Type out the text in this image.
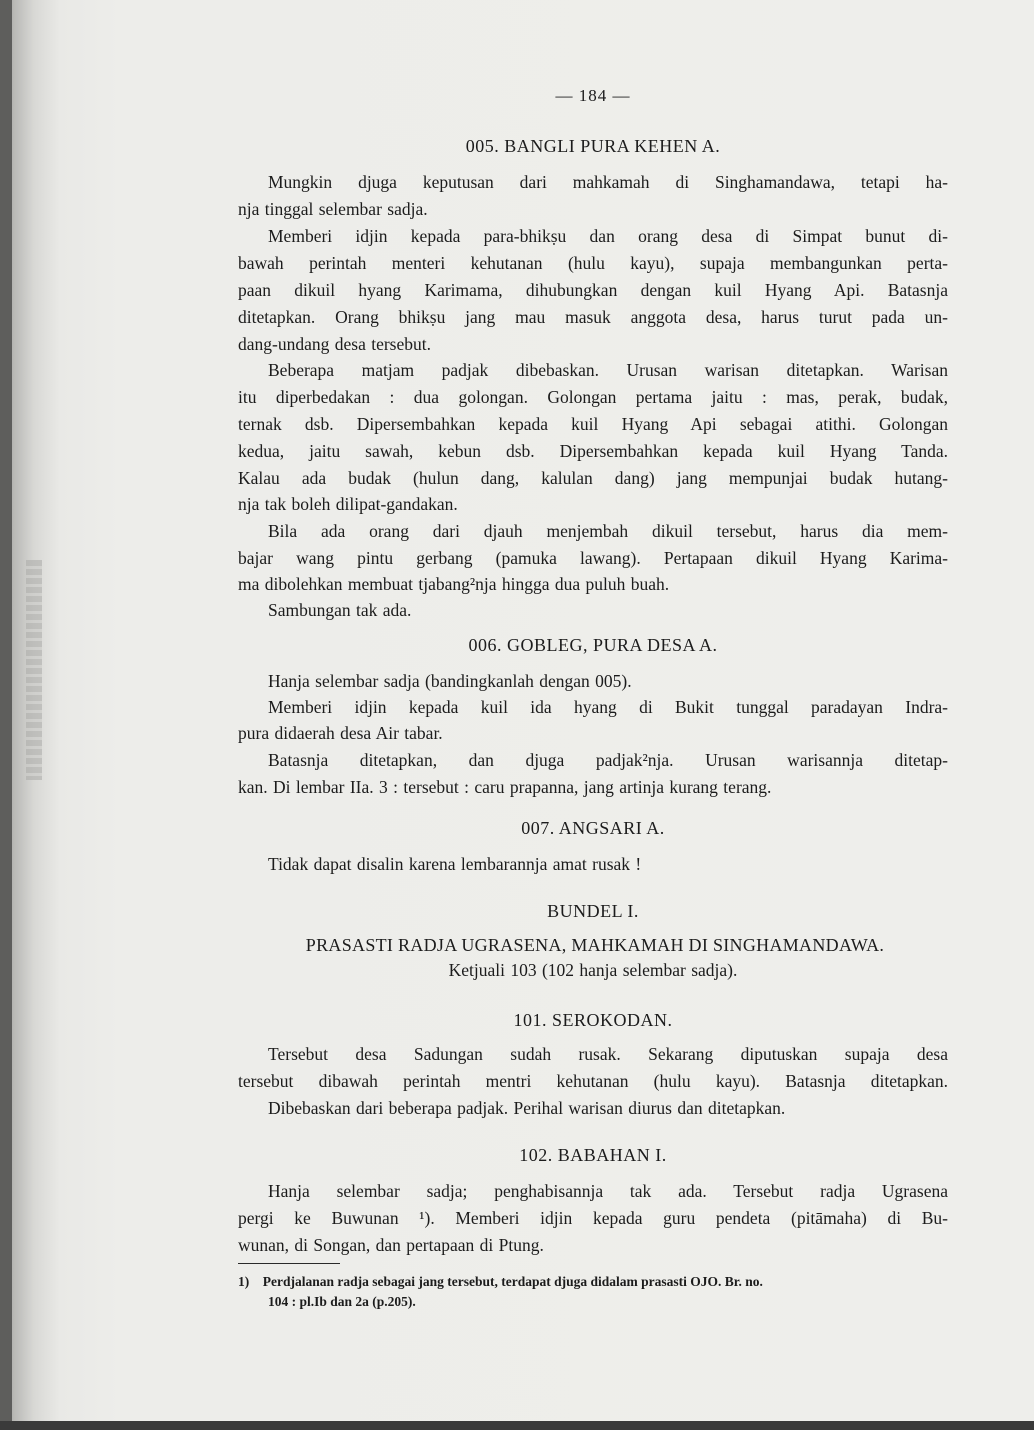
— 184 —
005. BANGLI PURA KEHEN A.
Mungkin djuga keputusan dari mahkamah di Singhamandawa, tetapi ha-
nja tinggal selembar sadja.
Memberi idjin kepada para-bhikṣu dan orang desa di Simpat bunut di-
bawah perintah menteri kehutanan (hulu kayu), supaja membangunkan perta-
paan dikuil hyang Karimama, dihubungkan dengan kuil Hyang Api. Batasnja
ditetapkan. Orang bhikṣu jang mau masuk anggota desa, harus turut pada un-
dang-undang desa tersebut.
Beberapa matjam padjak dibebaskan. Urusan warisan ditetapkan. Warisan
itu diperbedakan : dua golongan. Golongan pertama jaitu : mas, perak, budak,
ternak dsb. Dipersembahkan kepada kuil Hyang Api sebagai atithi. Golongan
kedua, jaitu sawah, kebun dsb. Dipersembahkan kepada kuil Hyang Tanda.
Kalau ada budak (hulun dang, kalulan dang) jang mempunjai budak hutang-
nja tak boleh dilipat-gandakan.
Bila ada orang dari djauh menjembah dikuil tersebut, harus dia mem-
bajar wang pintu gerbang (pamuka lawang). Pertapaan dikuil Hyang Karima-
ma dibolehkan membuat tjabang²nja hingga dua puluh buah.
Sambungan tak ada.
006. GOBLEG, PURA DESA A.
Hanja selembar sadja (bandingkanlah dengan 005).
Memberi idjin kepada kuil ida hyang di Bukit tunggal paradayan Indra-
pura didaerah desa Air tabar.
Batasnja ditetapkan, dan djuga padjak²nja. Urusan warisannja ditetap-
kan. Di lembar IIa. 3 : tersebut : caru prapanna, jang artinja kurang terang.
007. ANGSARI A.
Tidak dapat disalin karena lembarannja amat rusak !
BUNDEL I.
PRASASTI RADJA UGRASENA, MAHKAMAH DI SINGHAMANDAWA.
Ketjuali 103 (102 hanja selembar sadja).
101. SEROKODAN.
Tersebut desa Sadungan sudah rusak. Sekarang diputuskan supaja desa
tersebut dibawah perintah mentri kehutanan (hulu kayu). Batasnja ditetapkan.
Dibebaskan dari beberapa padjak. Perihal warisan diurus dan ditetapkan.
102. BABAHAN I.
Hanja selembar sadja; penghabisannja tak ada. Tersebut radja Ugrasena
pergi ke Buwunan ¹). Memberi idjin kepada guru pendeta (pitāmaha) di Bu-
wunan, di Songan, dan pertapaan di Ptung.
1) Perdjalanan radja sebagai jang tersebut, terdapat djuga didalam prasasti OJO. Br. no.
104 : pl.Ib dan 2a (p.205).
